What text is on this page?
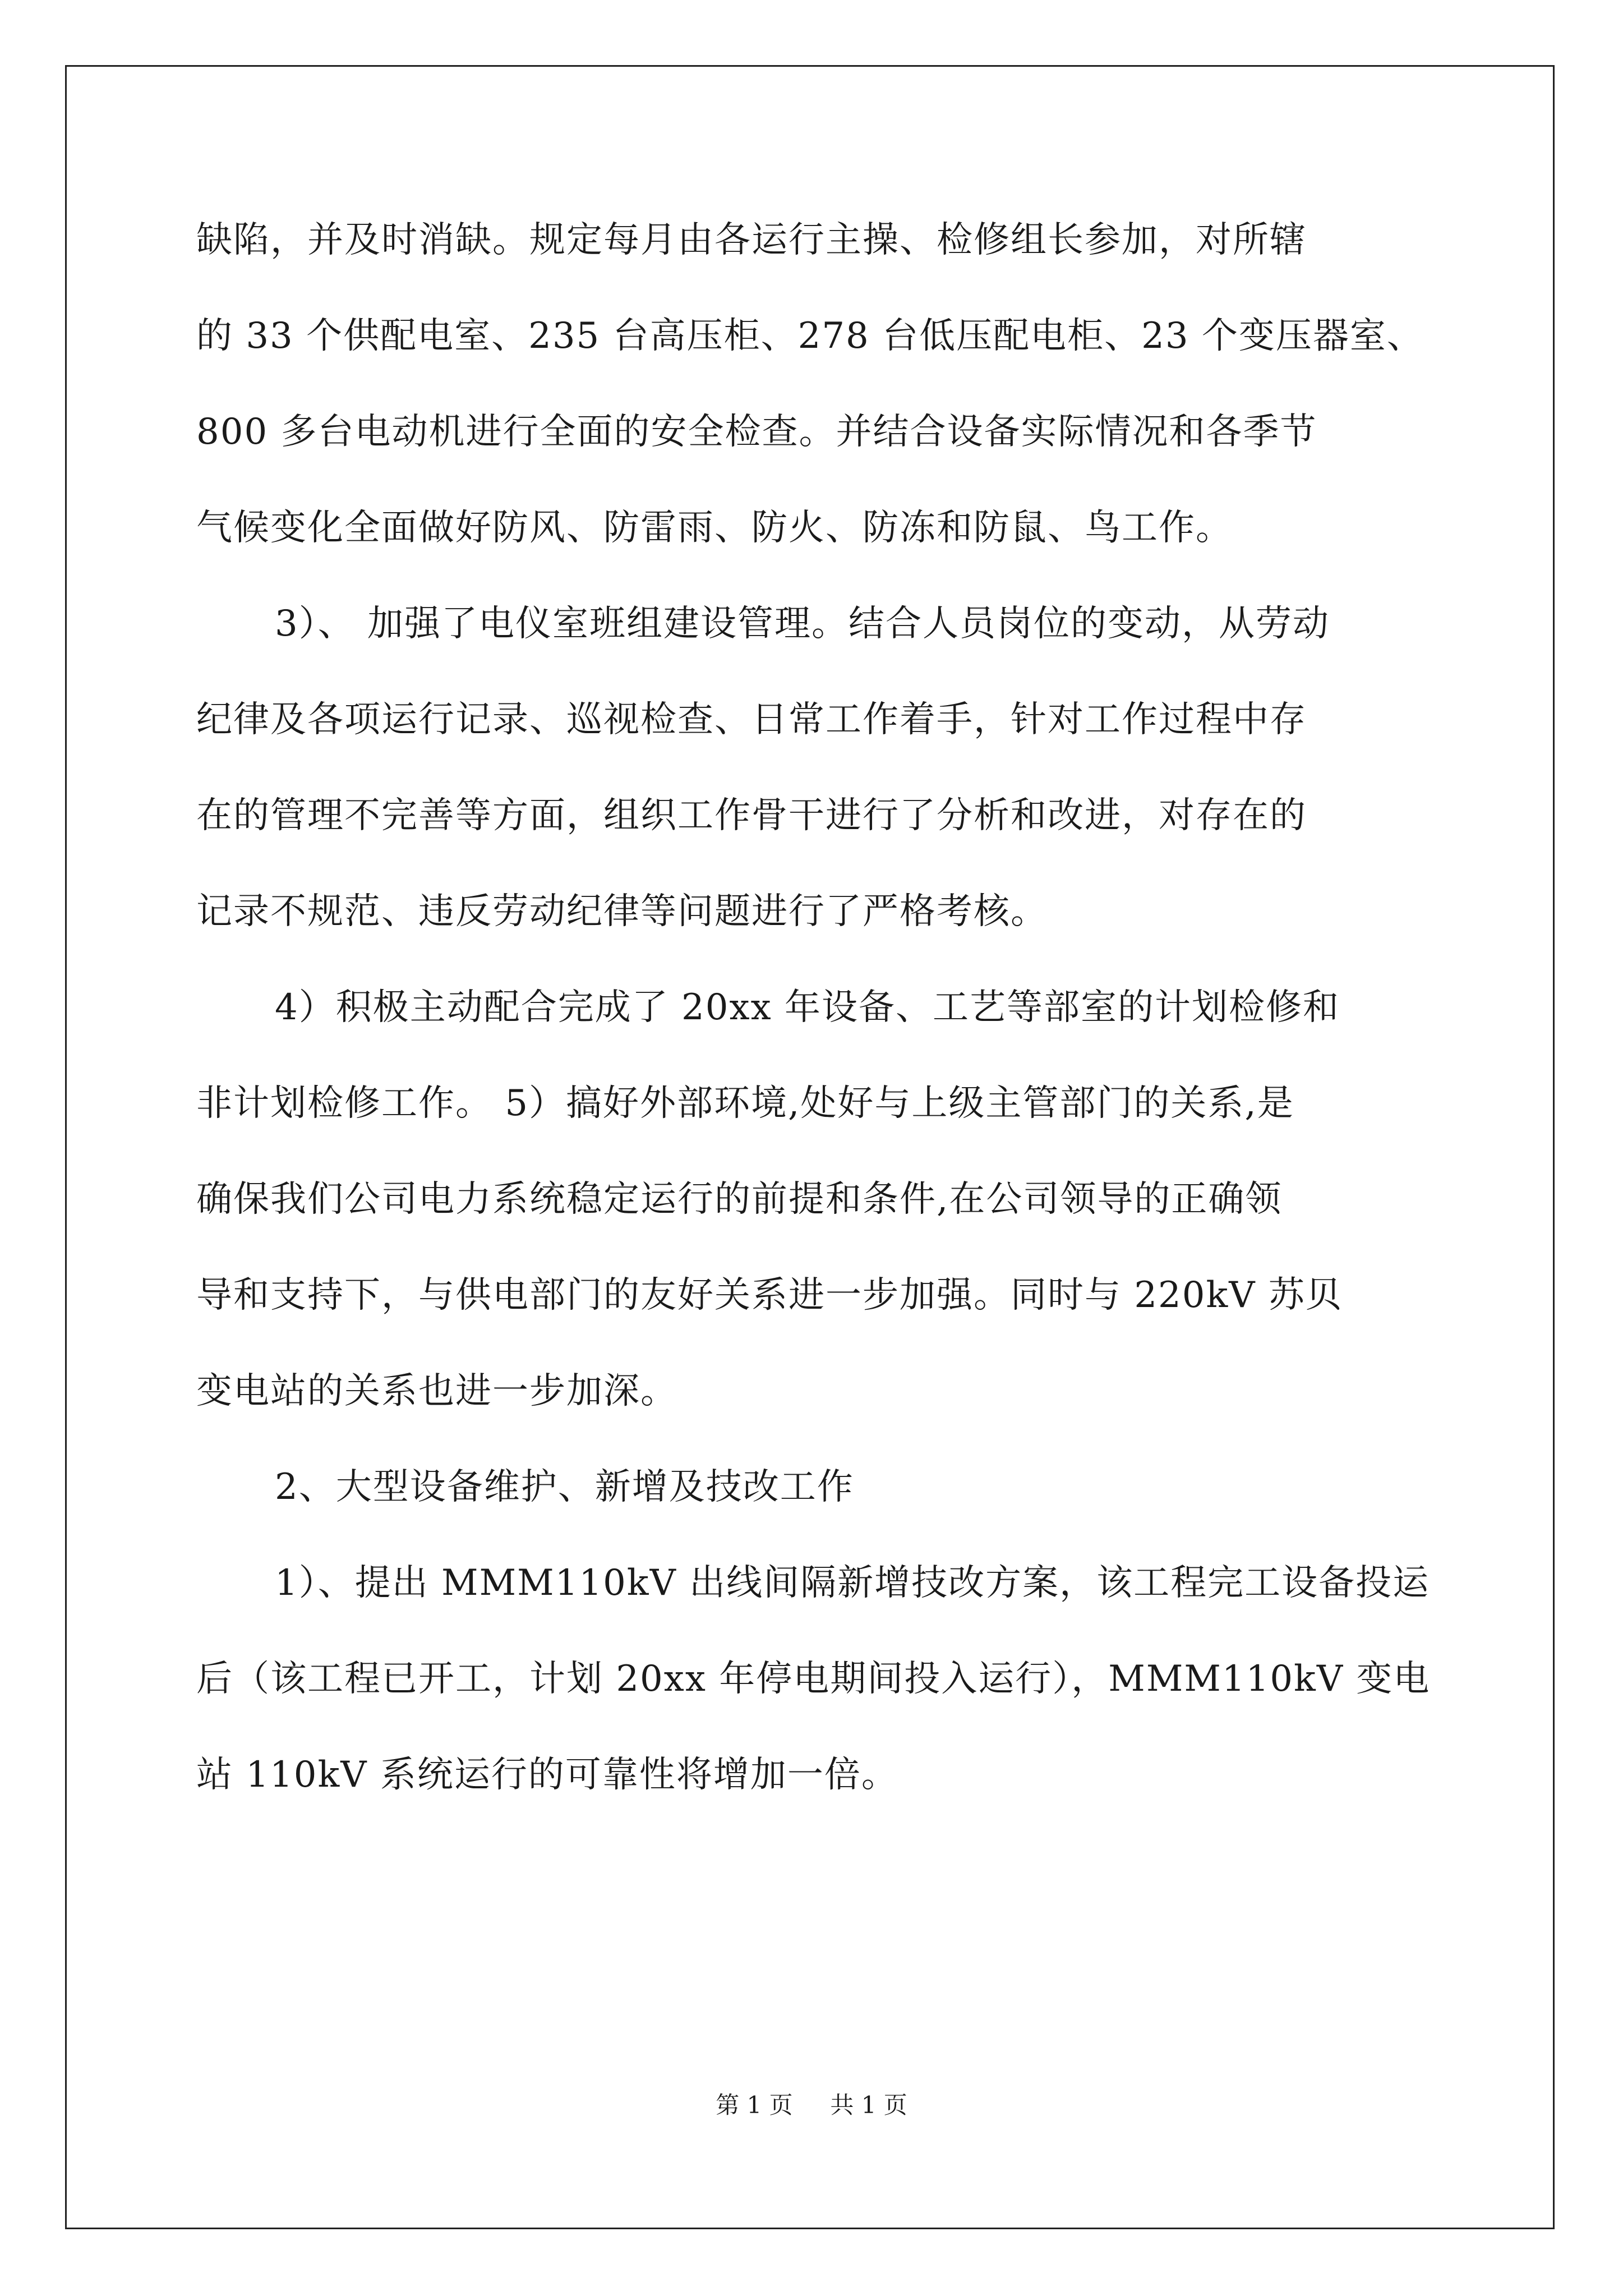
缺陷，并及时消缺。规定每月由各运行主操、检修组长参加，对所辖
的 33 个供配电室、235 台高压柜、278 台低压配电柜、23 个变压器室、
800 多台电动机进行全面的安全检查。并结合设备实际情况和各季节
气候变化全面做好防风、防雷雨、防火、防冻和防鼠、鸟工作。
3）、 加强了电仪室班组建设管理。结合人员岗位的变动，从劳动
纪律及各项运行记录、巡视检查、日常工作着手，针对工作过程中存
在的管理不完善等方面，组织工作骨干进行了分析和改进，对存在的
记录不规范、违反劳动纪律等问题进行了严格考核。
4）积极主动配合完成了 20xx 年设备、工艺等部室的计划检修和
非计划检修工作。 5）搞好外部环境,处好与上级主管部门的关系,是
确保我们公司电力系统稳定运行的前提和条件,在公司领导的正确领
导和支持下，与供电部门的友好关系进一步加强。同时与 220kV 苏贝
变电站的关系也进一步加深。
2、大型设备维护、新增及技改工作
1）、提出 MMM110kV 出线间隔新增技改方案，该工程完工设备投运
后（该工程已开工，计划 20xx 年停电期间投入运行），MMM110kV 变电
站 110kV 系统运行的可靠性将增加一倍。
第 1 页 共 1 页
